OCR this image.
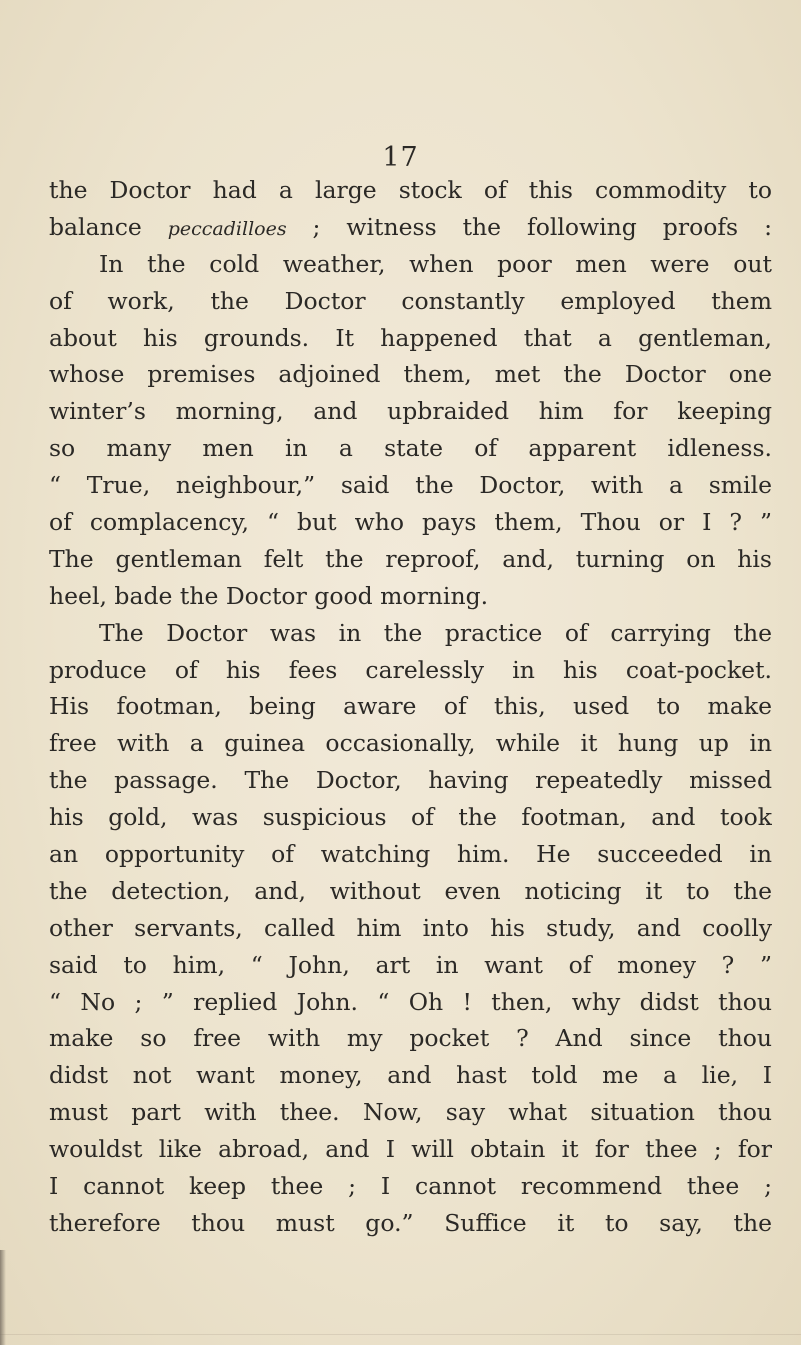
17
the Doctor had a large stock of this commodity to
balance peccadilloes ; witness the following proofs :
In the cold weather, when poor men were out
of work, the Doctor constantly employed them
about his grounds. It happened that a gentleman,
whose premises adjoined them, met the Doctor one
winter’s morning, and upbraided him for keeping
so many men in a state of apparent idleness.
“ True, neighbour,” said the Doctor, with a smile
of complacency, “ but who pays them, Thou or I ? ”
The gentleman felt the reproof, and, turning on his
heel, bade the Doctor good morning.
The Doctor was in the practice of carrying the
produce of his fees carelessly in his coat-pocket.
His footman, being aware of this, used to make
free with a guinea occasionally, while it hung up in
the passage. The Doctor, having repeatedly missed
his gold, was suspicious of the footman, and took
an opportunity of watching him. He succeeded in
the detection, and, without even noticing it to the
other servants, called him into his study, and coolly
said to him, “ John, art in want of money ? ”
“ No ; ” replied John. “ Oh ! then, why didst thou
make so free with my pocket ? And since thou
didst not want money, and hast told me a lie, I
must part with thee. Now, say what situation thou
wouldst like abroad, and I will obtain it for thee ; for
I cannot keep thee ; I cannot recommend thee ;
therefore thou must go.” Suffice it to say, the
